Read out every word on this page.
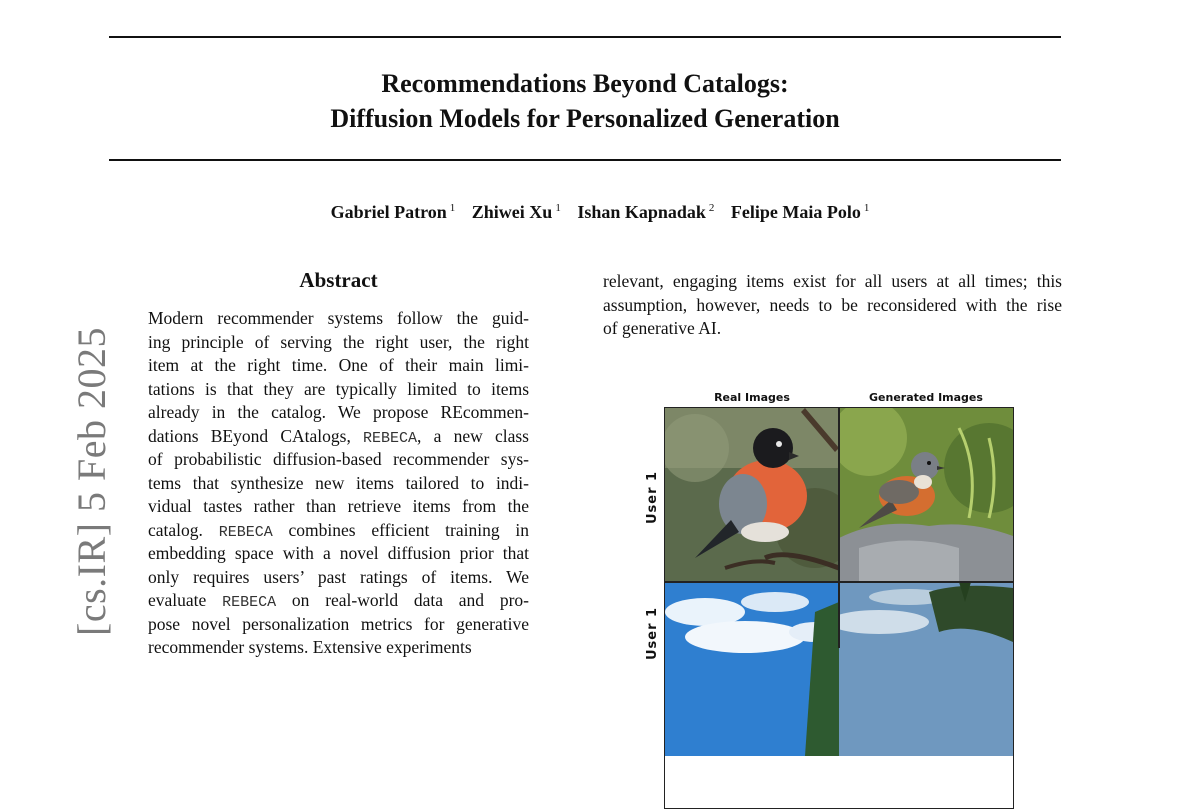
Recommendations Beyond Catalogs:
Diffusion Models for Personalized Generation
Gabriel Patron $^1$ Zhiwei Xu $^1$ Ishan Kapnadak $^2$ Felipe Maia Polo $^1$
[cs.IR] 5 Feb 2025
Abstract
Modern recommender systems follow the guid-
ing principle of serving the right user, the right
item at the right time. One of their main limi-
tations is that they are typically limited to items
already in the catalog. We propose REcommen-
dations BEyond CAtalogs, REBECA, a new class
of probabilistic diffusion-based recommender sys-
tems that synthesize new items tailored to indi-
vidual tastes rather than retrieve items from the
catalog. REBECA combines efficient training in
embedding space with a novel diffusion prior that
only requires users’ past ratings of items. We
evaluate REBECA on real-world data and pro-
pose novel personalization metrics for generative
recommender systems. Extensive experiments
relevant, engaging items exist for all users at all times; this
assumption, however, needs to be reconsidered with the rise
of generative AI.
Real Images	Generated Images
User 1
User 1
